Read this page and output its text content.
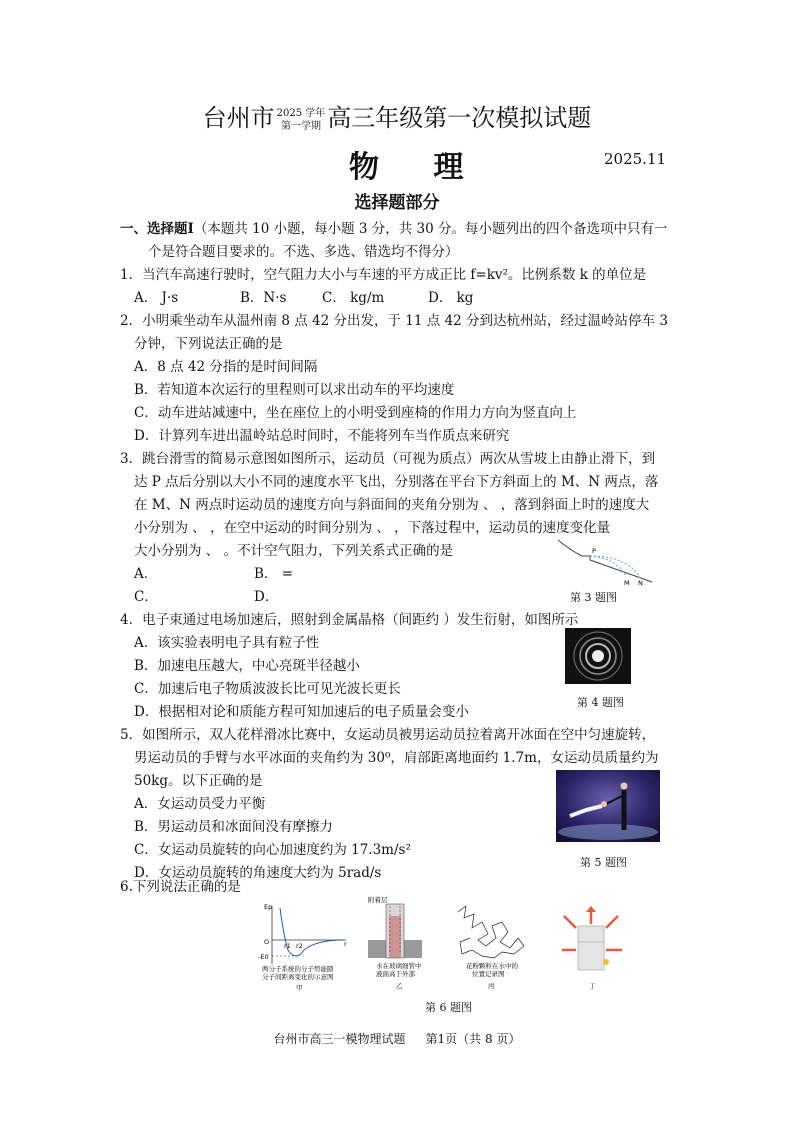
台州市 2025 学年
第一学期 高三年级第一次模拟试题
物 理	2025.11
选择题部分
一、选择题Ⅰ（本题共 10 小题，每小题 3 分，共 30 分。每小题列出的四个备选项中只有一
个是符合题目要求的。不选、多选、错选均不得分）
1．当汽车高速行驶时，空气阻力大小与车速的平方成正比 f=kv²。比例系数 k 的单位是
A． J·s	B．N·s	C． kg/m	D． kg
2．小明乘坐动车从温州南 8 点 42 分出发，于 11 点 42 分到达杭州站，经过温岭站停车 3
分钟，下列说法正确的是
A．8 点 42 分指的是时间间隔
B．若知道本次运行的里程则可以求出动车的平均速度
C．动车进站减速中，坐在座位上的小明受到座椅的作用力方向为竖直向上
D．计算列车进出温岭站总时间时，不能将列车当作质点来研究
3．跳台滑雪的简易示意图如图所示，运动员（可视为质点）两次从雪坡上由静止滑下，到
达 P 点后分别以大小不同的速度水平飞出，分别落在平台下方斜面上的 M、N 两点，落
在 M、N 两点时运动员的速度方向与斜面间的夹角分别为 、 ，落到斜面上时的速度大
小分别为 、 ，在空中运动的时间分别为 、 ，下落过程中，运动员的速度变化量
大小分别为 、 。不计空气阻力，下列关系式正确的是
A．	B． =
C．	D．
P
M N
第 3 题图
4．电子束通过电场加速后，照射到金属晶格（间距约 ）发生衍射，如图所示
A．该实验表明电子具有粒子性
B．加速电压越大，中心亮斑半径越小
C．加速后电子物质波波长比可见光波长更长
D．根据相对论和质能方程可知加速后的电子质量会变小
第 4 题图
5．如图所示，双人花样滑冰比赛中，女运动员被男运动员拉着离开冰面在空中匀速旋转，
男运动员的手臂与水平冰面的夹角约为 30⁰，肩部距离地面约 1.7m，女运动员质量约为
50kg。以下正确的是
A．女运动员受力平衡
B．男运动员和冰面间没有摩擦力
C．女运动员旋转的向心加速度约为 17.3m/s²
D．女运动员旋转的角速度大约为 5rad/s
第 5 题图
6.下列说法正确的是
Ep
O
-E0
r1 r2	r
两分子系统的分子势能随
分子间距离变化的示意图
甲
附着层
水在玻璃细管中
液面高于外部
乙
花粉颗粒在水中的
位置记录图
丙	丁
第 6 题图
台州市高三一模物理试题 第1页（共 8 页）
